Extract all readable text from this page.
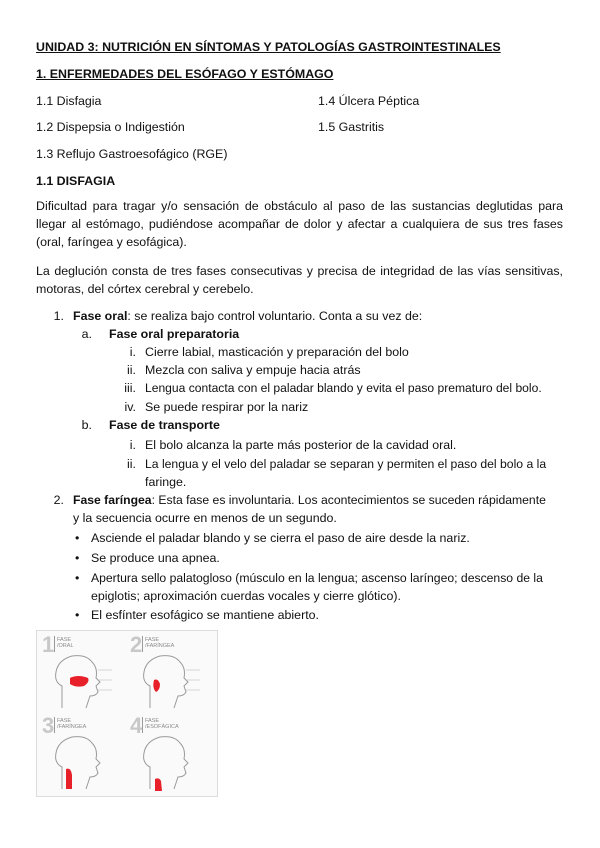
UNIDAD 3: NUTRICIÓN EN SÍNTOMAS Y PATOLOGÍAS GASTROINTESTINALES
1. ENFERMEDADES DEL ESÓFAGO Y ESTÓMAGO
1.1 Disfagia
1.2 Dispepsia o Indigestión
1.3 Reflujo Gastroesofágico (RGE)
1.4 Úlcera Péptica
1.5 Gastritis
1.1 DISFAGIA
Dificultad para tragar y/o sensación de obstáculo al paso de las sustancias deglutidas para
llegar al estómago, pudiéndose acompañar de dolor y afectar a cualquiera de sus tres fases
(oral, faríngea y esofágica).
La deglución consta de tres fases consecutivas y precisa de integridad de las vías sensitivas,
motoras, del córtex cerebral y cerebelo.
1. Fase oral: se realiza bajo control voluntario. Conta a su vez de:
a. Fase oral preparatoria
i. Cierre labial, masticación y preparación del bolo
ii. Mezcla con saliva y empuje hacia atrás
iii. Lengua contacta con el paladar blando y evita el paso prematuro del bolo.
iv. Se puede respirar por la nariz
b. Fase de transporte
i. El bolo alcanza la parte más posterior de la cavidad oral.
ii. La lengua y el velo del paladar se separan y permiten el paso del bolo a la
faringe.
2. Fase faríngea: Esta fase es involuntaria. Los acontecimientos se suceden rápidamente
y la secuencia ocurre en menos de un segundo.
• Asciende el paladar blando y se cierra el paso de aire desde la nariz.
• Se produce una apnea.
• Apertura sello palatogloso (músculo en la lengua; ascenso laríngeo; descenso de la
epiglotis; aproximación cuerdas vocales y cierre glótico).
• El esfínter esofágico se mantiene abierto.
1 FASE
/ORAL	2 FASE
/FARÍNGEA
3 FASE
/FARÍNGEA 4 FASE
/ESOFÁGICA
